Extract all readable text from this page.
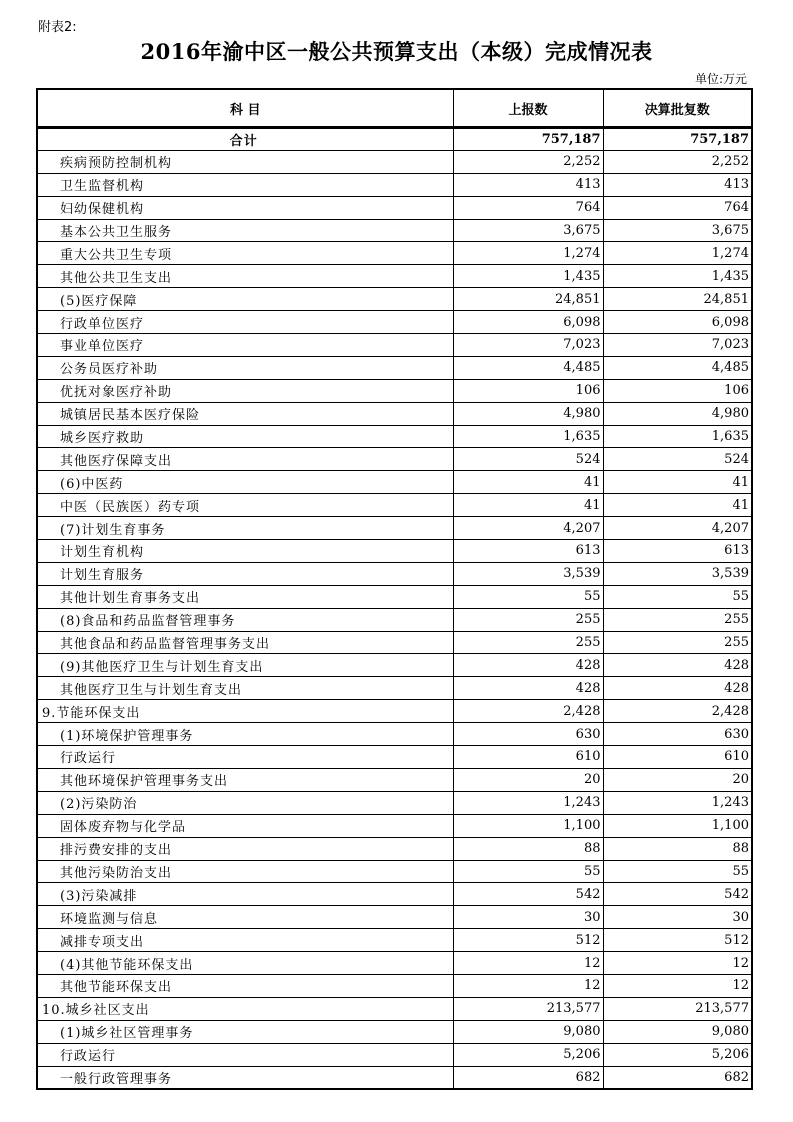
附表2:
2016年渝中区一般公共预算支出（本级）完成情况表
单位:万元
科 目	上报数	决算批复数
合计	757,187	757,187
疾病预防控制机构	2,252	2,252
卫生监督机构	413	413
妇幼保健机构	764	764
基本公共卫生服务	3,675	3,675
重大公共卫生专项	1,274	1,274
其他公共卫生支出	1,435	1,435
(5)医疗保障	24,851	24,851
行政单位医疗	6,098	6,098
事业单位医疗	7,023	7,023
公务员医疗补助	4,485	4,485
优抚对象医疗补助	106	106
城镇居民基本医疗保险	4,980	4,980
城乡医疗救助	1,635	1,635
其他医疗保障支出	524	524
(6)中医药	41	41
中医（民族医）药专项	41	41
(7)计划生育事务	4,207	4,207
计划生育机构	613	613
计划生育服务	3,539	3,539
其他计划生育事务支出	55	55
(8)食品和药品监督管理事务	255	255
其他食品和药品监督管理事务支出	255	255
(9)其他医疗卫生与计划生育支出	428	428
其他医疗卫生与计划生育支出	428	428
9.节能环保支出	2,428	2,428
(1)环境保护管理事务	630	630
行政运行	610	610
其他环境保护管理事务支出	20	20
(2)污染防治	1,243	1,243
固体废弃物与化学品	1,100	1,100
排污费安排的支出	88	88
其他污染防治支出	55	55
(3)污染减排	542	542
环境监测与信息	30	30
减排专项支出	512	512
(4)其他节能环保支出	12	12
其他节能环保支出	12	12
10.城乡社区支出	213,577	213,577
(1)城乡社区管理事务	9,080	9,080
行政运行	5,206	5,206
一般行政管理事务	682	682
